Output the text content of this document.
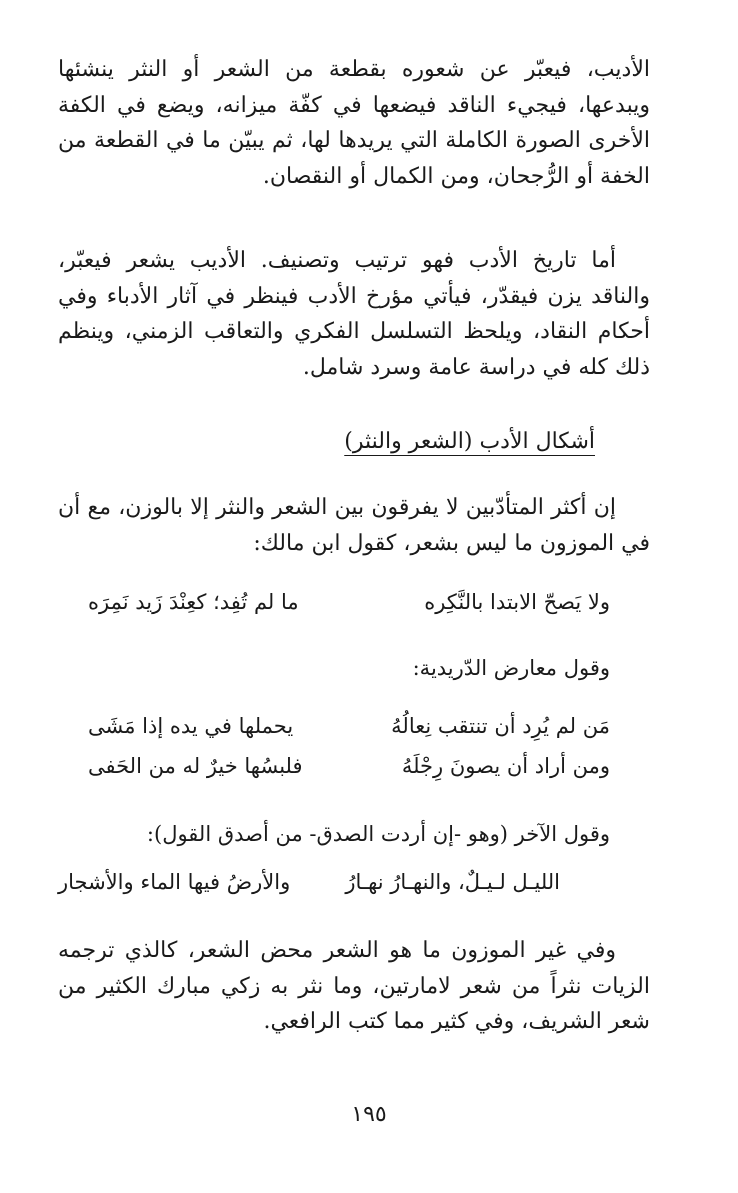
الأديب، فيعبّر عن شعوره بقطعة من الشعر أو النثر ينشئها ويبدعها، فيجيء الناقد فيضعها في كفّة ميزانه، ويضع في الكفة الأخرى الصورة الكاملة التي يريدها لها، ثم يبيّن ما في القطعة من الخفة أو الرُّجحان، ومن الكمال أو النقصان.

أما تاريخ الأدب فهو ترتيب وتصنيف. الأديب يشعر فيعبّر، والناقد يزن فيقدّر، فيأتي مؤرخ الأدب فينظر في آثار الأدباء وفي أحكام النقاد، ويلحظ التسلسل الفكري والتعاقب الزمني، وينظم ذلك كله في دراسة عامة وسرد شامل.

أشكال الأدب (الشعر والنثر)

إن أكثر المتأدّبين لا يفرقون بين الشعر والنثر إلا بالوزن، مع أن في الموزون ما ليس بشعر، كقول ابن مالك:

ولا يَصحّ الابتدا بالنَّكِره
ما لم تُفِد؛ كعِنْدَ زَيد نَمِرَه
وقول معارض الدّريدية:
مَن لم يُرِد أن تنتقب نِعالُهُ
يحملها في يده إذا مَشَى
ومن أراد أن يصونَ رِجْلَهُ
فلبسُها خيرٌ له من الحَفى
وقول الآخر (وهو -إن أردت الصدق- من أصدق القول):
الليـل لـيـلٌ، والنهـارُ نهـارُ
والأرضُ فيها الماء والأشجار

وفي غير الموزون ما هو الشعر محض الشعر، كالذي ترجمه الزيات نثراً من شعر لامارتين، وما نثر به زكي مبارك الكثير من شعر الشريف، وفي كثير مما كتب الرافعي.

١٩٥
